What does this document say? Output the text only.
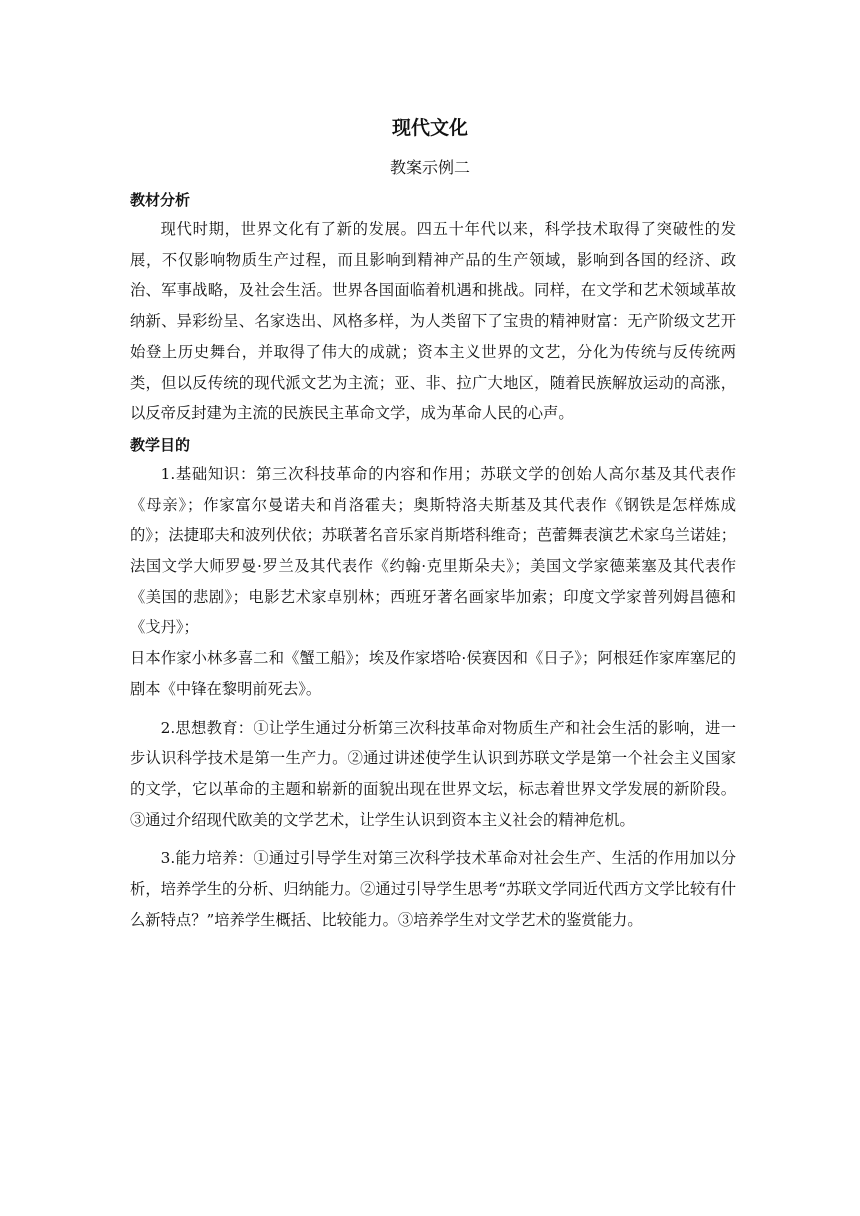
现代文化
教案示例二

教材分析

现代时期，世界文化有了新的发展。四五十年代以来，科学技术取得了突破性的发展，不仅影响物质生产过程，而且影响到精神产品的生产领域，影响到各国的经济、政治、军事战略，及社会生活。世界各国面临着机遇和挑战。同样，在文学和艺术领域革故纳新、异彩纷呈、名家迭出、风格多样，为人类留下了宝贵的精神财富：无产阶级文艺开始登上历史舞台，并取得了伟大的成就；资本主义世界的文艺，分化为传统与反传统两类，但以反传统的现代派文艺为主流；亚、非、拉广大地区，随着民族解放运动的高涨，以反帝反封建为主流的民族民主革命文学，成为革命人民的心声。

教学目的

1.基础知识：第三次科技革命的内容和作用；苏联文学的创始人高尔基及其代表作《母亲》；作家富尔曼诺夫和肖洛霍夫；奥斯特洛夫斯基及其代表作《钢铁是怎样炼成的》；法捷耶夫和波列伏依；苏联著名音乐家肖斯塔科维奇；芭蕾舞表演艺术家乌兰诺娃；法国文学大师罗曼·罗兰及其代表作《约翰·克里斯朵夫》；美国文学家德莱塞及其代表作《美国的悲剧》；电影艺术家卓别林；西班牙著名画家毕加索；印度文学家普列姆昌德和《戈丹》；

日本作家小林多喜二和《蟹工船》；埃及作家塔哈·侯赛因和《日子》；阿根廷作家库塞尼的剧本《中锋在黎明前死去》。

2.思想教育：①让学生通过分析第三次科技革命对物质生产和社会生活的影响，进一步认识科学技术是第一生产力。②通过讲述使学生认识到苏联文学是第一个社会主义国家的文学，它以革命的主题和崭新的面貌出现在世界文坛，标志着世界文学发展的新阶段。③通过介绍现代欧美的文学艺术，让学生认识到资本主义社会的精神危机。

3.能力培养：①通过引导学生对第三次科学技术革命对社会生产、生活的作用加以分析，培养学生的分析、归纳能力。②通过引导学生思考“苏联文学同近代西方文学比较有什么新特点？”培养学生概括、比较能力。③培养学生对文学艺术的鉴赏能力。
